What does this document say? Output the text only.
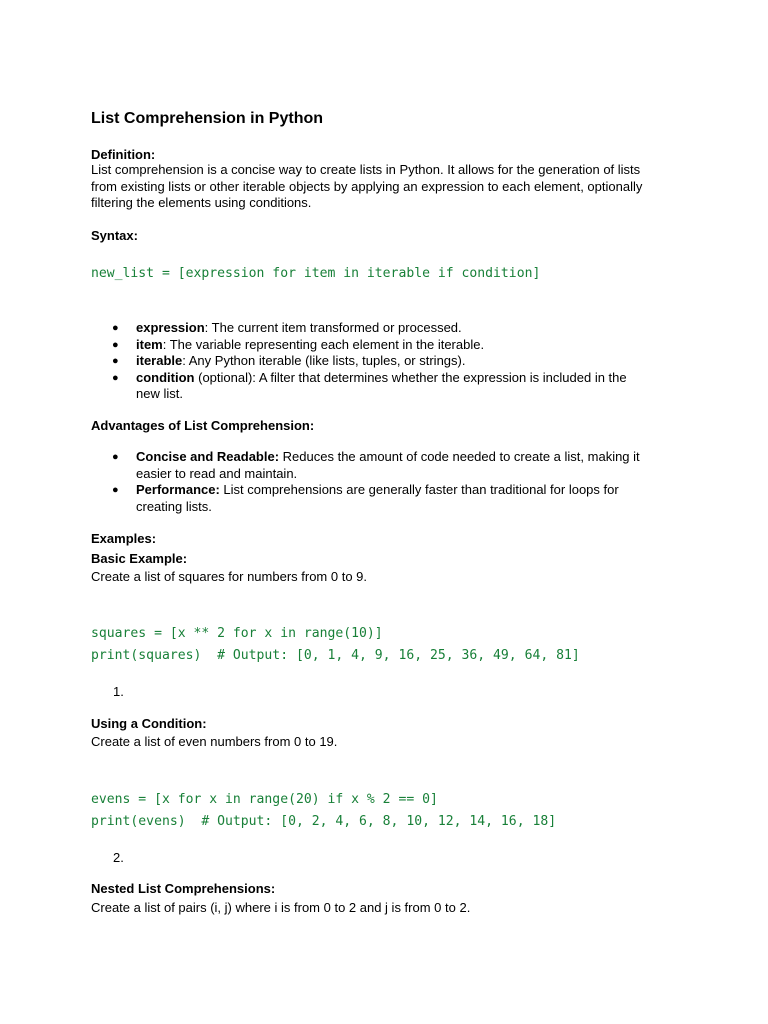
List Comprehension in Python
Definition:
List comprehension is a concise way to create lists in Python. It allows for the generation of lists
from existing lists or other iterable objects by applying an expression to each element, optionally
filtering the elements using conditions.
Syntax:
new_list = [expression for item in iterable if condition]
● expression: The current item transformed or processed.
● item: The variable representing each element in the iterable.
● iterable: Any Python iterable (like lists, tuples, or strings).
● condition (optional): A filter that determines whether the expression is included in the
new list.
Advantages of List Comprehension:
● Concise and Readable: Reduces the amount of code needed to create a list, making it
easier to read and maintain.
● Performance: List comprehensions are generally faster than traditional for loops for
creating lists.
Examples:
Basic Example:
Create a list of squares for numbers from 0 to 9.
squares = [x ** 2 for x in range(10)]
print(squares)  # Output: [0, 1, 4, 9, 16, 25, 36, 49, 64, 81]
1.
Using a Condition:
Create a list of even numbers from 0 to 19.
evens = [x for x in range(20) if x % 2 == 0]
print(evens)  # Output: [0, 2, 4, 6, 8, 10, 12, 14, 16, 18]
2.
Nested List Comprehensions:
Create a list of pairs (i, j) where i is from 0 to 2 and j is from 0 to 2.
